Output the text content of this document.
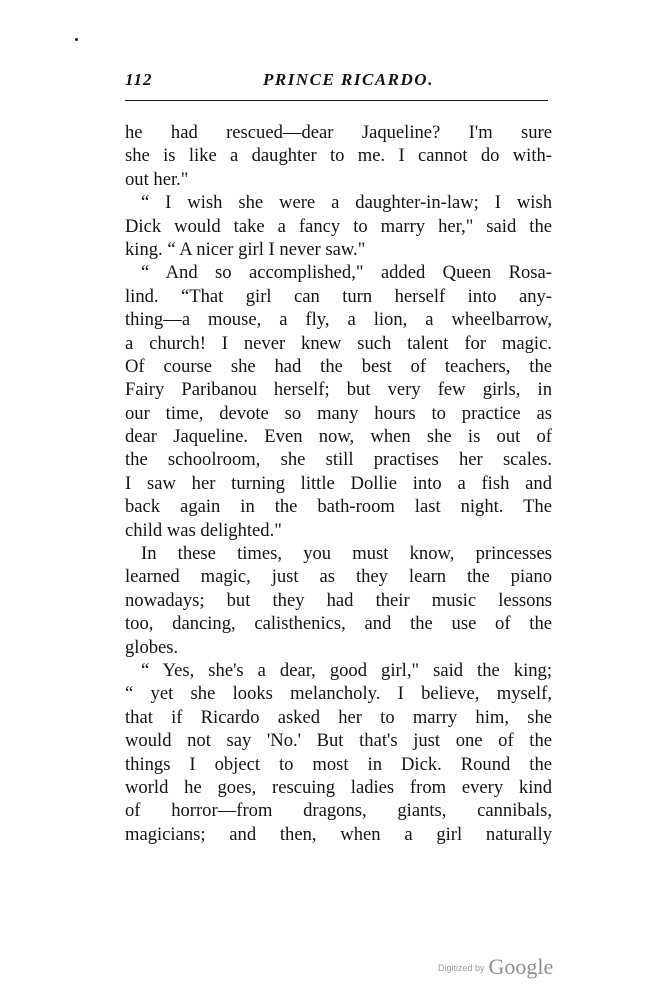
112	PRINCE RICARDO.
he had rescued—dear Jaqueline? I'm sure
she is like a daughter to me. I cannot do with-
out her."
“ I wish she were a daughter-in-law; I wish
Dick would take a fancy to marry her," said the
king. “ A nicer girl I never saw."
“ And so accomplished," added Queen Rosa-
lind. “That girl can turn herself into any-
thing—a mouse, a fly, a lion, a wheelbarrow,
a church! I never knew such talent for magic.
Of course she had the best of teachers, the
Fairy Paribanou herself; but very few girls, in
our time, devote so many hours to practice as
dear Jaqueline. Even now, when she is out of
the schoolroom, she still practises her scales.
I saw her turning little Dollie into a fish and
back again in the bath-room last night. The
child was delighted."
In these times, you must know, princesses
learned magic, just as they learn the piano
nowadays; but they had their music lessons
too, dancing, calisthenics, and the use of the
globes.
“ Yes, she's a dear, good girl," said the king;
“ yet she looks melancholy. I believe, myself,
that if Ricardo asked her to marry him, she
would not say 'No.' But that's just one of the
things I object to most in Dick. Round the
world he goes, rescuing ladies from every kind
of horror—from dragons, giants, cannibals,
magicians; and then, when a girl naturally
Digitized by Google
